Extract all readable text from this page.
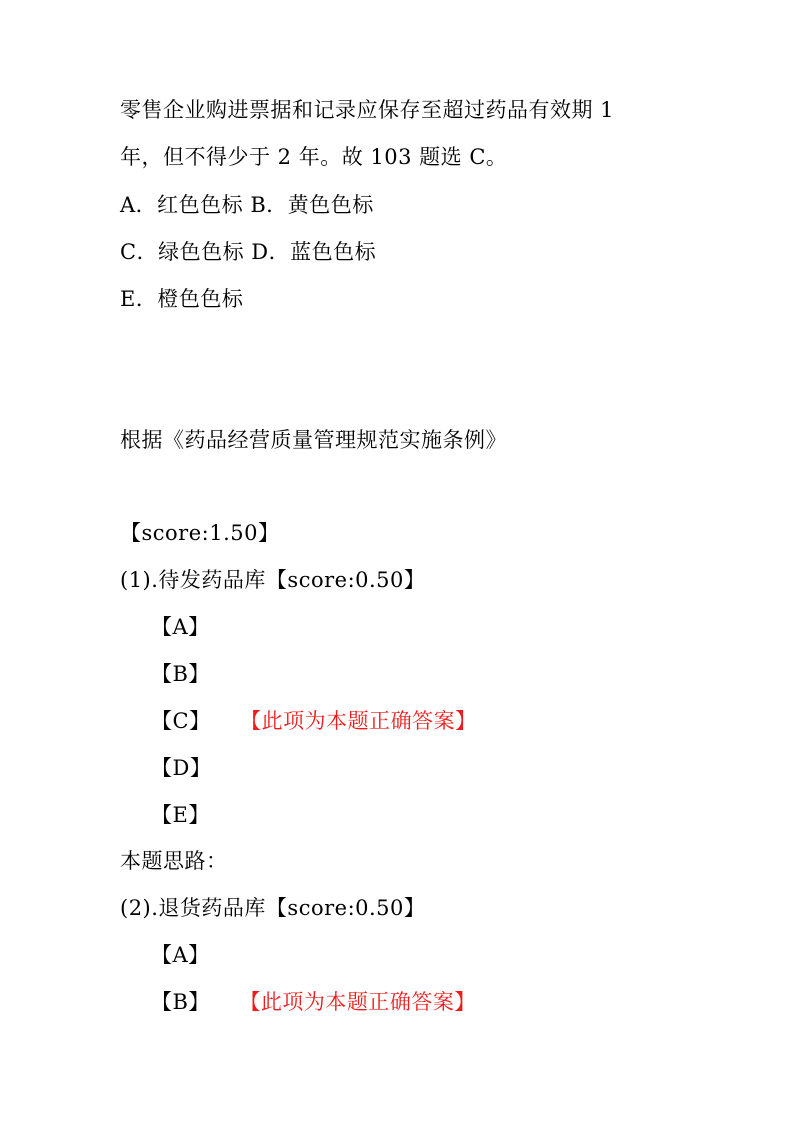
零售企业购进票据和记录应保存至超过药品有效期 1
年，但不得少于 2 年。故 103 题选 C。
A．红色色标 B．黄色色标
C．绿色色标 D．蓝色色标
E．橙色色标
根据《药品经营质量管理规范实施条例》
【score:1.50】
(1).待发药品库【score:0.50】
【A】
【B】
【C】 【此项为本题正确答案】
【D】
【E】
本题思路：
(2).退货药品库【score:0.50】
【A】
【B】 【此项为本题正确答案】
